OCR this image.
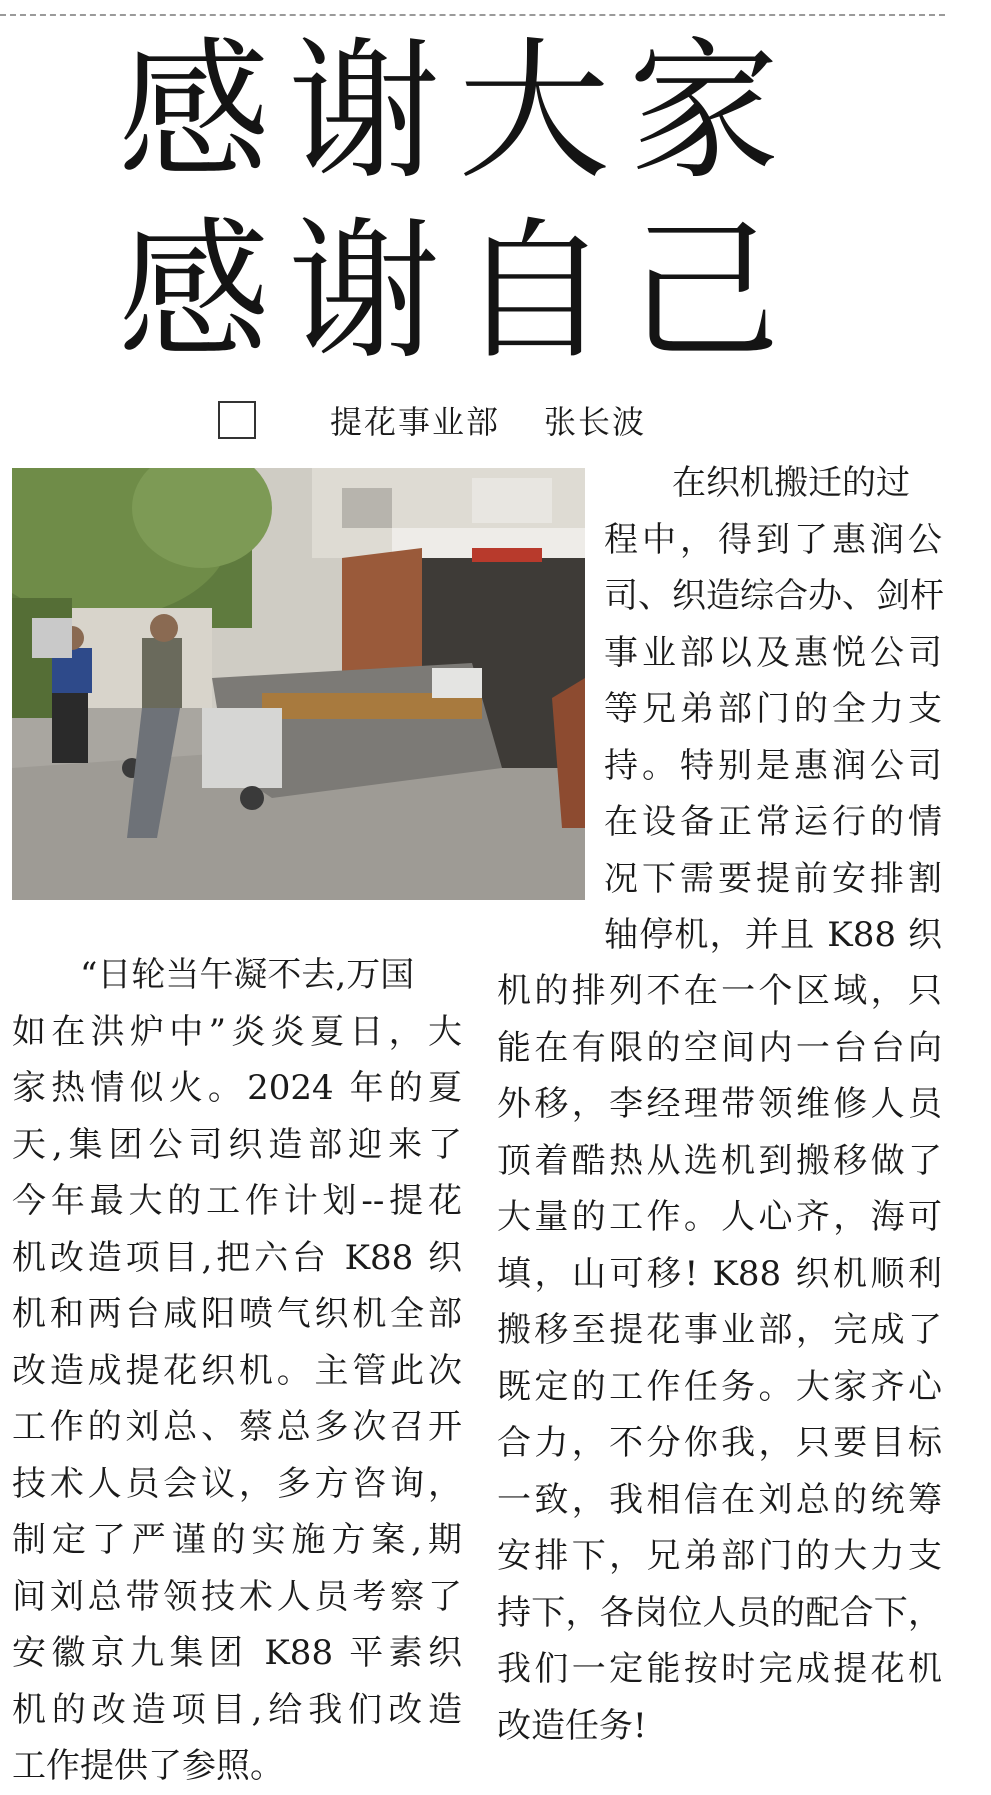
感谢大家
感谢自己
提花事业部 张长波
在织机搬迁的过
程中，得到了惠润公
司、织造综合办、剑杆
事业部以及惠悦公司
等兄弟部门的全力支
持。特别是惠润公司
在设备正常运行的情
况下需要提前安排割
轴停机，并且 K88 织
机的排列不在一个区域，只
能在有限的空间内一台台向
外移，李经理带领维修人员
顶着酷热从选机到搬移做了
大量的工作。人心齐，海可
填，山可移! K88 织机顺利
搬移至提花事业部，完成了
既定的工作任务。大家齐心
合力，不分你我，只要目标
一致，我相信在刘总的统筹
安排下，兄弟部门的大力支
持下，各岗位人员的配合下，
我们一定能按时完成提花机
改造任务!
“日轮当午凝不去,万国
如在洪炉中”炎炎夏日，大
家热情似火。2024 年的夏
天,集团公司织造部迎来了
今年最大的工作计划--提花
机改造项目,把六台 K88 织
机和两台咸阳喷气织机全部
改造成提花织机。主管此次
工作的刘总、蔡总多次召开
技术人员会议，多方咨询，
制定了严谨的实施方案,期
间刘总带领技术人员考察了
安徽京九集团 K88 平素织
机的改造项目,给我们改造
工作提供了参照。
